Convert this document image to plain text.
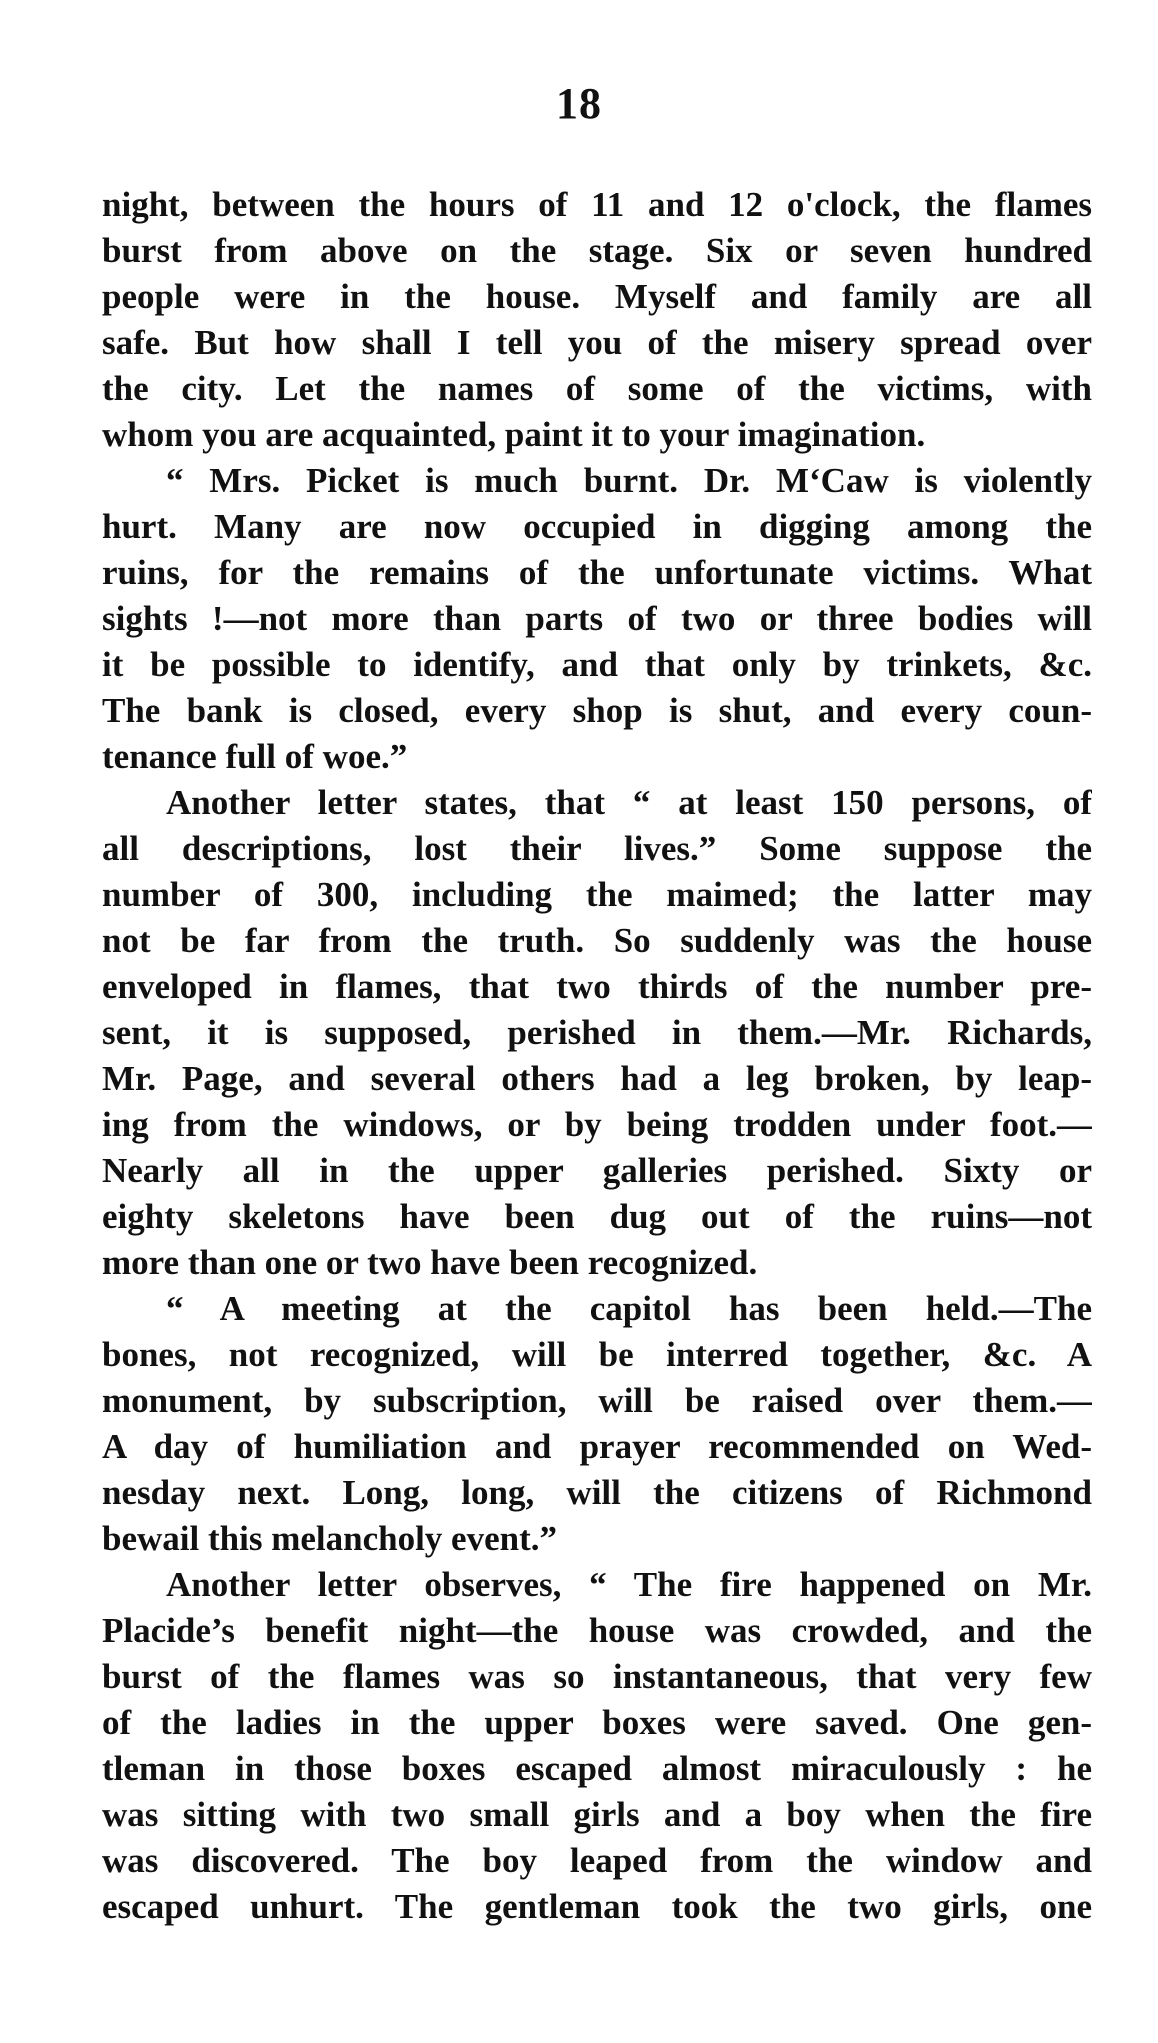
18
night, between the hours of 11 and 12 o'clock, the flames
burst from above on the stage. Six or seven hundred
people were in the house. Myself and family are all
safe. But how shall I tell you of the misery spread over
the city. Let the names of some of the victims, with
whom you are acquainted, paint it to your imagination.
“ Mrs. Picket is much burnt. Dr. M‘Caw is violently
hurt. Many are now occupied in digging among the
ruins, for the remains of the unfortunate victims. What
sights !—not more than parts of two or three bodies will
it be possible to identify, and that only by trinkets, &c.
The bank is closed, every shop is shut, and every coun-
tenance full of woe.”
Another letter states, that “ at least 150 persons, of
all descriptions, lost their lives.” Some suppose the
number of 300, including the maimed; the latter may
not be far from the truth. So suddenly was the house
enveloped in flames, that two thirds of the number pre-
sent, it is supposed, perished in them.—Mr. Richards,
Mr. Page, and several others had a leg broken, by leap-
ing from the windows, or by being trodden under foot.—
Nearly all in the upper galleries perished. Sixty or
eighty skeletons have been dug out of the ruins—not
more than one or two have been recognized.
“ A meeting at the capitol has been held.—The
bones, not recognized, will be interred together, &c. A
monument, by subscription, will be raised over them.—
A day of humiliation and prayer recommended on Wed-
nesday next. Long, long, will the citizens of Richmond
bewail this melancholy event.”
Another letter observes, “ The fire happened on Mr.
Placide’s benefit night—the house was crowded, and the
burst of the flames was so instantaneous, that very few
of the ladies in the upper boxes were saved. One gen-
tleman in those boxes escaped almost miraculously : he
was sitting with two small girls and a boy when the fire
was discovered. The boy leaped from the window and
escaped unhurt. The gentleman took the two girls, one
